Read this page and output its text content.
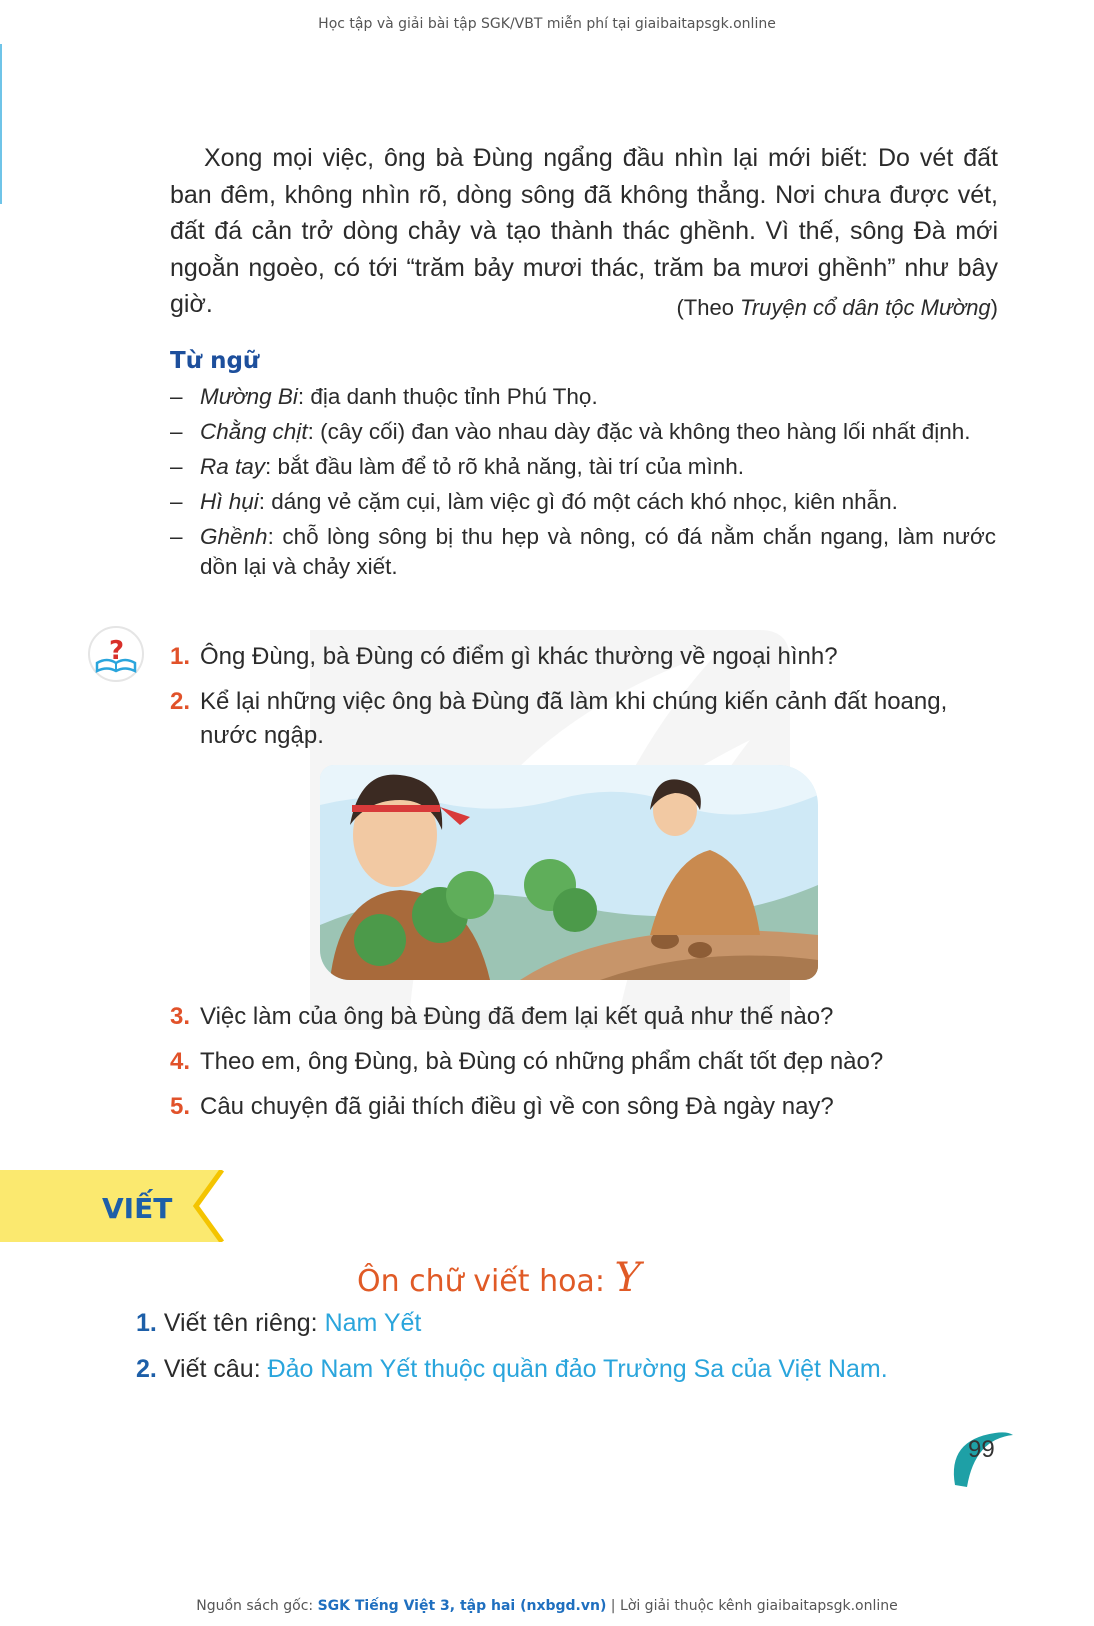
Học tập và giải bài tập SGK/VBT miễn phí tại giaibaitapsgk.online

Xong mọi việc, ông bà Đùng ngẩng đầu nhìn lại mới biết: Do vét đất ban đêm, không nhìn rõ, dòng sông đã không thẳng. Nơi chưa được vét, đất đá cản trở dòng chảy và tạo thành thác ghềnh. Vì thế, sông Đà mới ngoằn ngoèo, có tới “trăm bảy mươi thác, trăm ba mươi ghềnh” như bây giờ.	(Theo Truyện cổ dân tộc Mường)
Từ ngữ
– Mường Bi: địa danh thuộc tỉnh Phú Thọ.
– Chằng chịt: (cây cối) đan vào nhau dày đặc và không theo hàng lối nhất định.
– Ra tay: bắt đầu làm để tỏ rõ khả năng, tài trí của mình.
– Hì hụi: dáng vẻ cặm cụi, làm việc gì đó một cách khó nhọc, kiên nhẫn.
– Ghềnh: chỗ lòng sông bị thu hẹp và nông, có đá nằm chắn ngang, làm nước dồn lại và chảy xiết.
? 1. Ông Đùng, bà Đùng có điểm gì khác thường về ngoại hình?
2. Kể lại những việc ông bà Đùng đã làm khi chúng kiến cảnh đất hoang, nước ngập.
3. Việc làm của ông bà Đùng đã đem lại kết quả như thế nào?
4. Theo em, ông Đùng, bà Đùng có những phẩm chất tốt đẹp nào?
5. Câu chuyện đã giải thích điều gì về con sông Đà ngày nay?
VIẾT
Ôn chữ viết hoa: Y
1. Viết tên riêng: Nam Yết
2. Viết câu: Đảo Nam Yết thuộc quần đảo Trường Sa của Việt Nam.
99
Nguồn sách gốc: SGK Tiếng Việt 3, tập hai (nxbgd.vn) | Lời giải thuộc kênh giaibaitapsgk.online
